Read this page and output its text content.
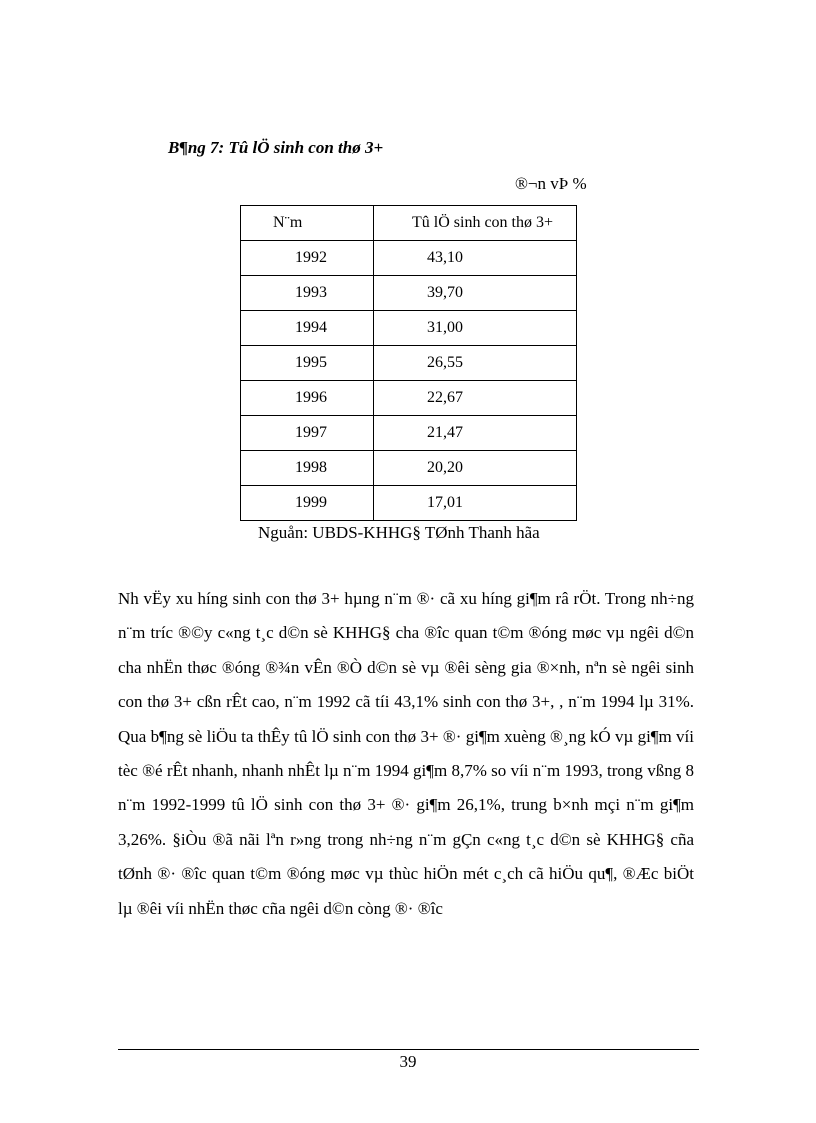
B¶ng 7: Tû lÖ sinh con thø 3+
®¬n vÞ %
N¨m	Tû lÖ sinh con thø 3+
1992	43,10
1993	39,70
1994	31,00
1995	26,55
1996	22,67
1997	21,47
1998	20,20
1999	17,01
Nguån: UBDS-KHHG§ TØnh Thanh hãa

Nh vËy xu híng sinh con thø 3+ hµng n¨m ®· cã xu híng gi¶m râ rÖt. Trong nh÷ng n¨m tríc ®©y c«ng t¸c d©n sè KHHG§ cha ®îc quan t©m ®óng møc vµ ngêi d©n cha nhËn thøc ®óng ®¾n vÊn ®Ò d©n sè vµ ®êi sèng gia ®×nh, nªn sè ngêi sinh con thø 3+ cßn rÊt cao, n¨m 1992 cã tíi 43,1% sinh con thø 3+, , n¨m 1994 lµ 31%. Qua b¶ng sè liÖu ta thÊy tû lÖ sinh con thø 3+ ®· gi¶m xuèng ®¸ng kÓ vµ gi¶m víi tèc ®é rÊt nhanh, nhanh nhÊt lµ n¨m 1994 gi¶m 8,7% so víi n¨m 1993, trong vßng 8 n¨m 1992-1999 tû lÖ sinh con thø 3+ ®· gi¶m 26,1%, trung b×nh mçi n¨m gi¶m 3,26%. §iÒu ®ã nãi lªn r»ng trong nh÷ng n¨m gÇn c«ng t¸c d©n sè KHHG§ cña tØnh ®· ®îc quan t©m ®óng møc vµ thùc hiÖn mét c¸ch cã hiÖu qu¶, ®Æc biÖt lµ ®êi víi nhËn thøc cña ngêi d©n còng ®· ®îc

39
